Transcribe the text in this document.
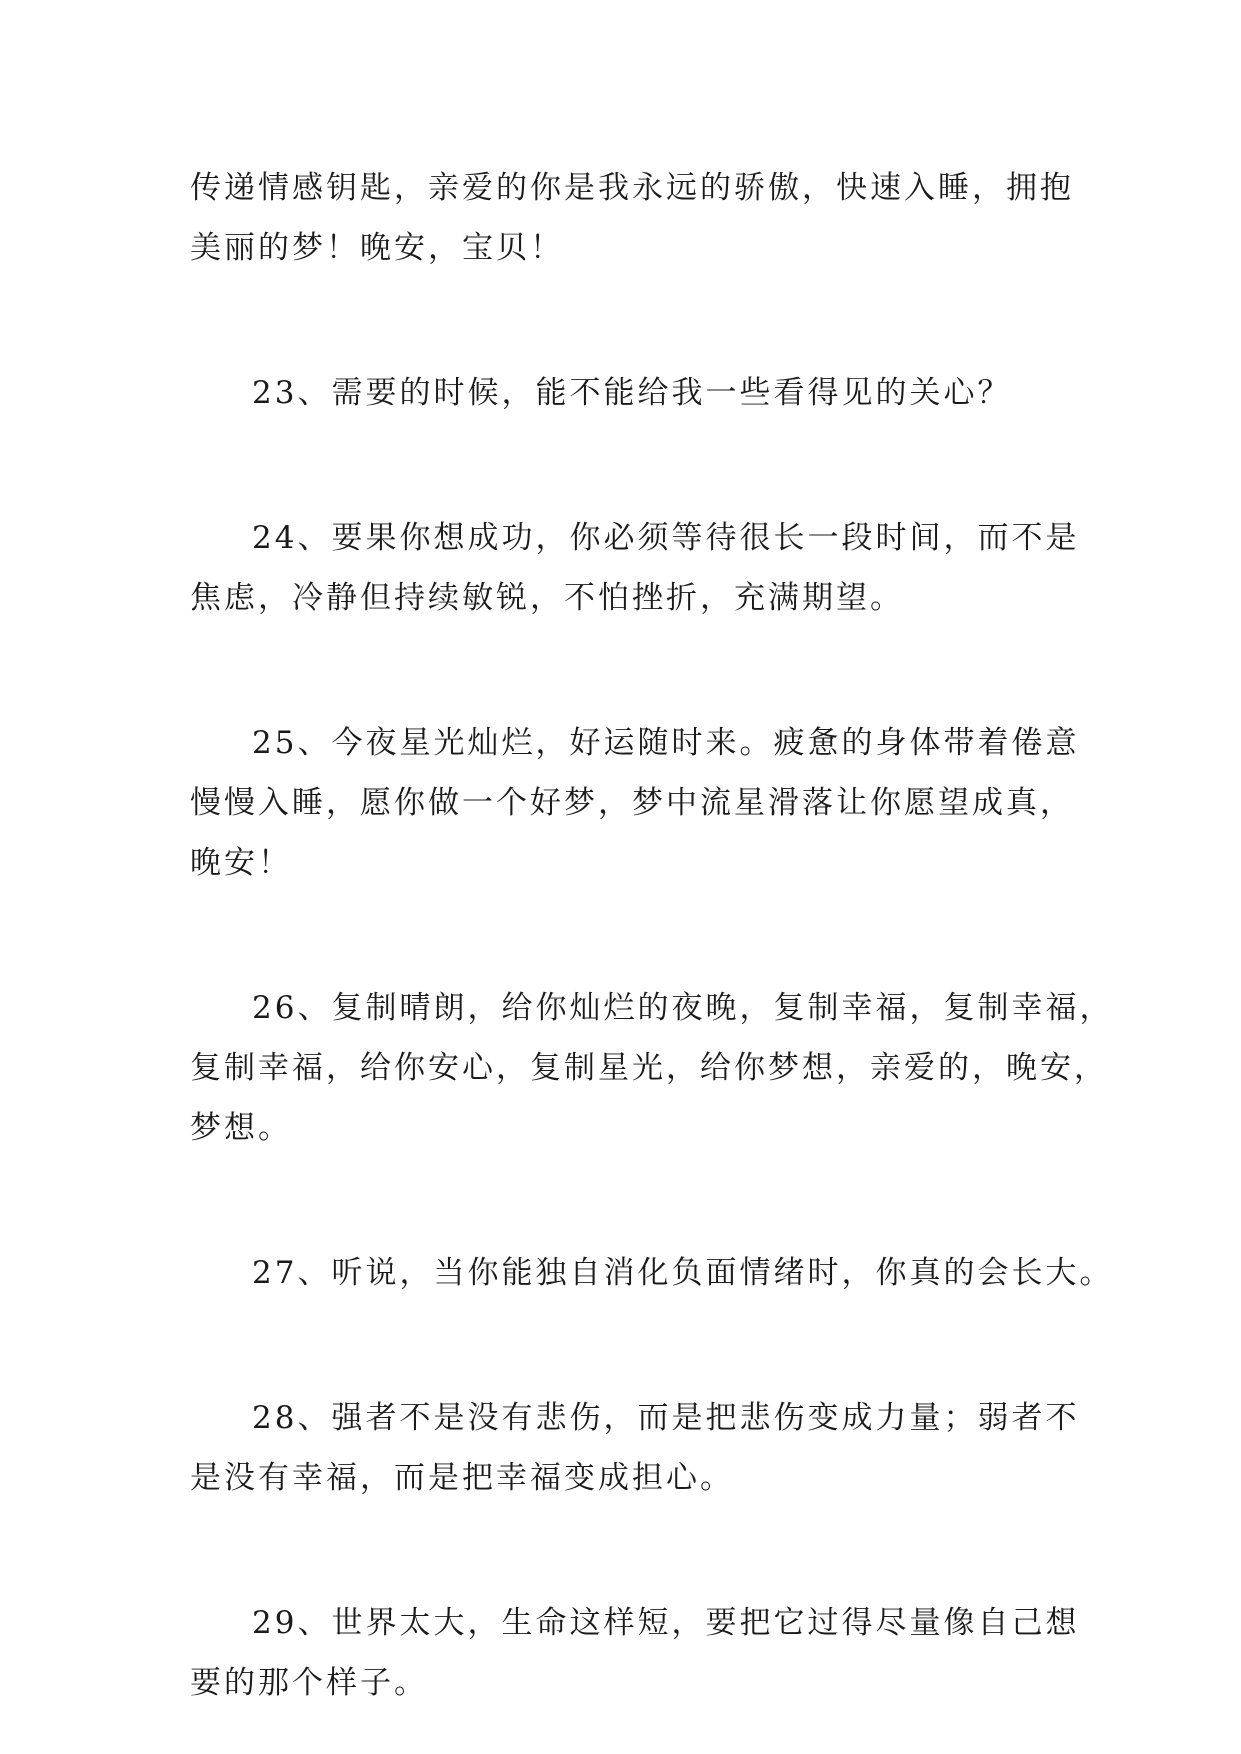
传递情感钥匙，亲爱的你是我永远的骄傲，快速入睡，拥抱
美丽的梦！晚安，宝贝！

23、需要的时候，能不能给我一些看得见的关心？

24、要果你想成功，你必须等待很长一段时间，而不是
焦虑，冷静但持续敏锐，不怕挫折，充满期望。

25、今夜星光灿烂，好运随时来。疲惫的身体带着倦意
慢慢入睡，愿你做一个好梦，梦中流星滑落让你愿望成真，
晚安！

26、复制晴朗，给你灿烂的夜晚，复制幸福，复制幸福，
复制幸福，给你安心，复制星光，给你梦想，亲爱的，晚安，
梦想。

27、听说，当你能独自消化负面情绪时，你真的会长大。

28、强者不是没有悲伤，而是把悲伤变成力量；弱者不
是没有幸福，而是把幸福变成担心。

29、世界太大，生命这样短，要把它过得尽量像自己想
要的那个样子。
